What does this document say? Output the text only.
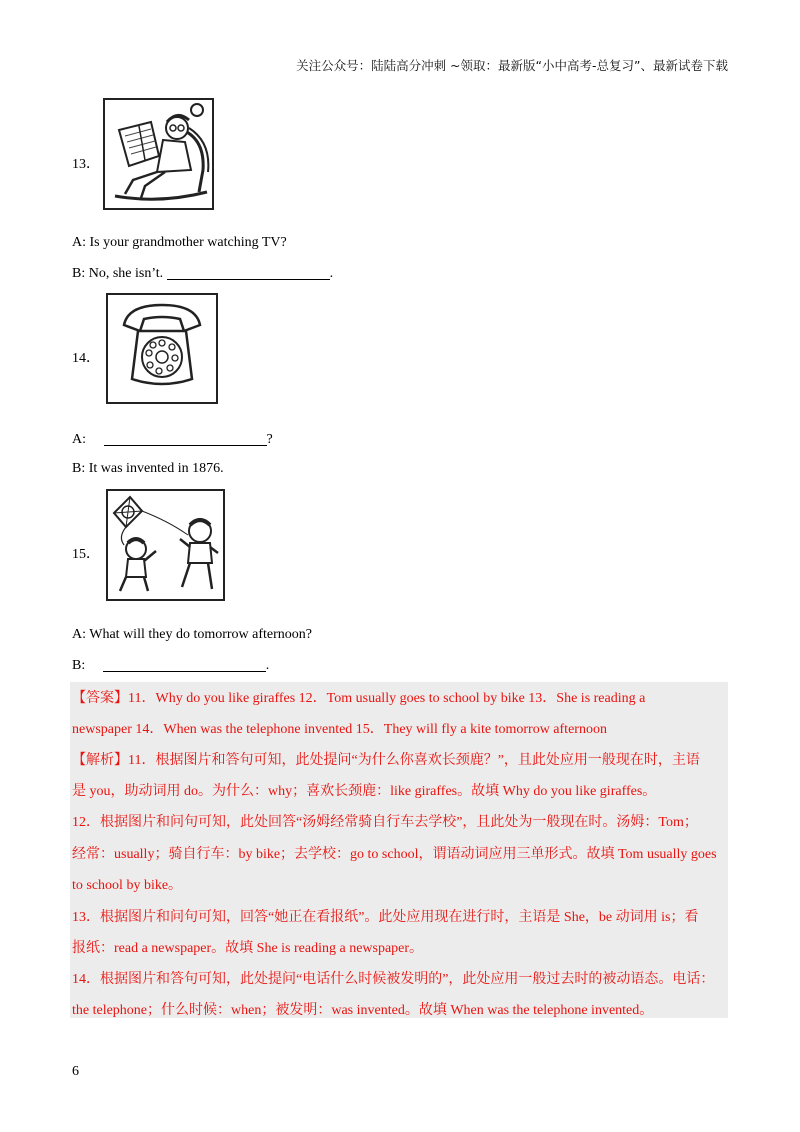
关注公众号：陆陆高分冲刺 ~领取：最新版“小中高考-总复习”、最新试卷下载
13．
A: Is your grandmother watching TV?
B: No, she isn’t.	.
14．
A:	?
B: It was invented in 1876.
15．
A: What will they do tomorrow afternoon?
B:	.
【答案】11．Why do you like giraffes 12．Tom usually goes to school by bike 13．She is reading a
newspaper 14．When was the telephone invented 15．They will fly a kite tomorrow afternoon
【解析】11．根据图片和答句可知，此处提问“为什么你喜欢长颈鹿？”，且此处应用一般现在时，主语
是 you，助动词用 do。为什么：why；喜欢长颈鹿：like giraffes。故填 Why do you like giraffes。
12．根据图片和问句可知，此处回答“汤姆经常骑自行车去学校”，且此处为一般现在时。汤姆：Tom；
经常：usually；骑自行车：by bike；去学校：go to school，谓语动词应用三单形式。故填 Tom usually goes
to school by bike。
13．根据图片和问句可知，回答“她正在看报纸”。此处应用现在进行时，主语是 She，be 动词用 is；看
报纸：read a newspaper。故填 She is reading a newspaper。
14．根据图片和答句可知，此处提问“电话什么时候被发明的”，此处应用一般过去时的被动语态。电话：
the telephone；什么时候：when；被发明：was invented。故填 When was the telephone invented。
6
